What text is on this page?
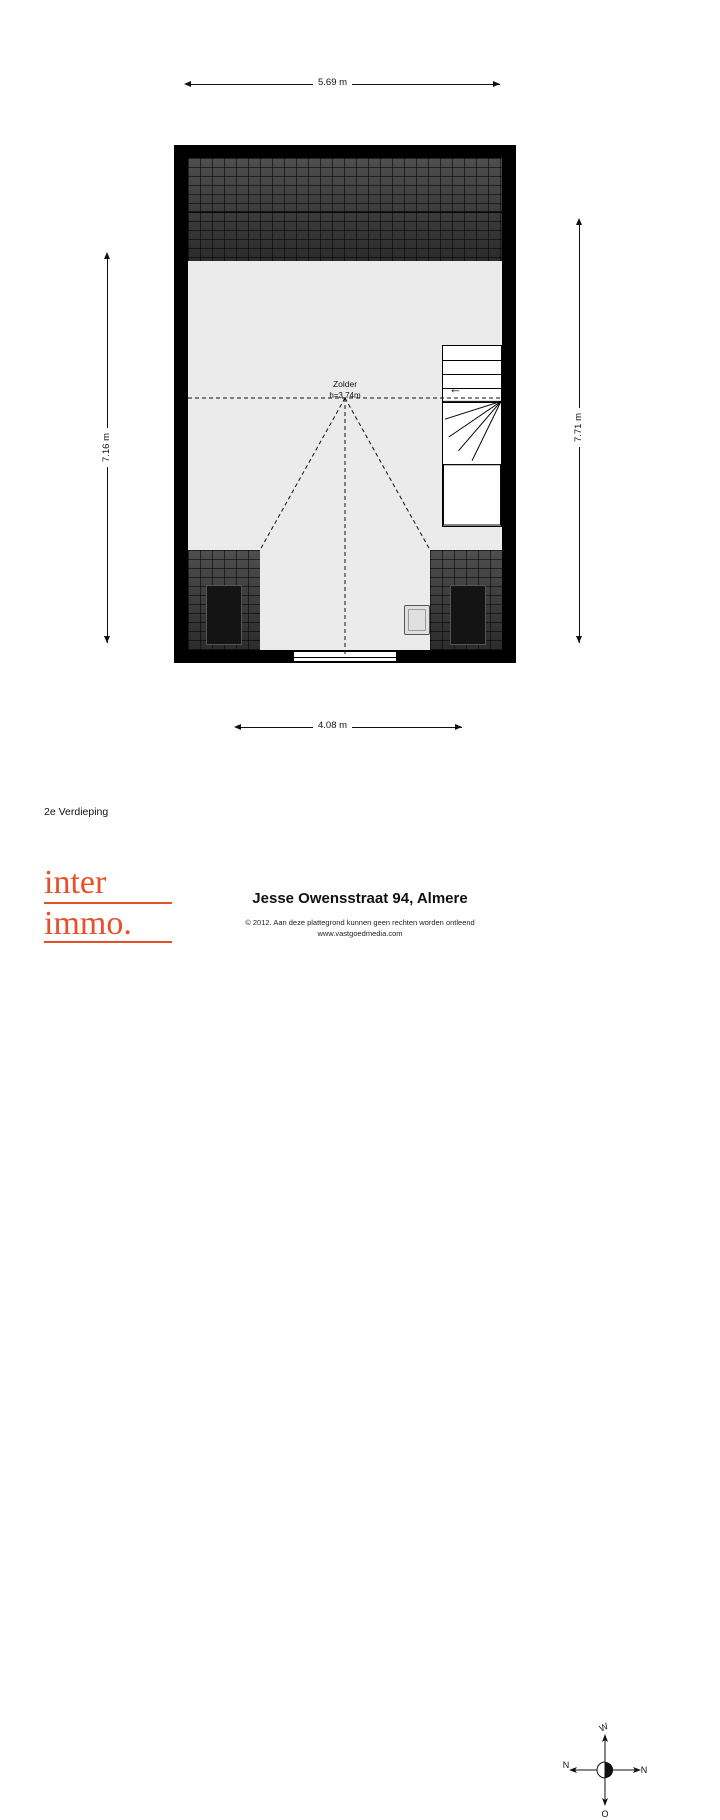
←
Zolder
h=3.74m
5.69 m
4.08 m
7.16 m
7.71 m
2e Verdieping
inter
immo.
Jesse Owensstraat 94, Almere
© 2012. Aan deze plattegrond kunnen geen rechten worden ontleend
www.vastgoedmedia.com
W
N	N
O
